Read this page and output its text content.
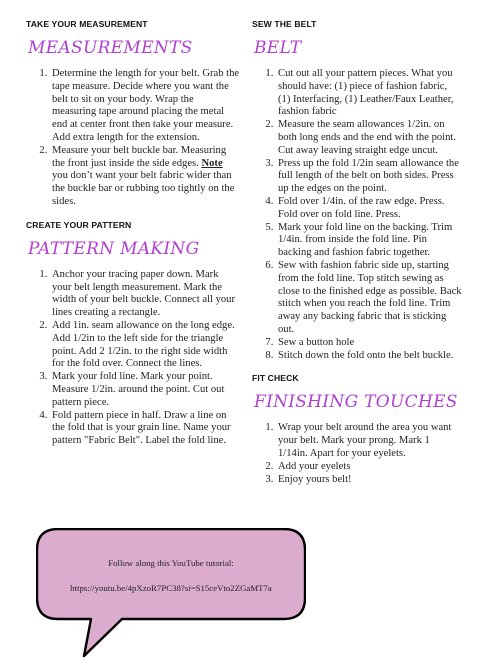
TAKE YOUR MEASUREMENT
MEASUREMENTS
1. Determine the length for your belt. Grab the tape measure. Decide where you want the belt to sit on your body. Wrap the measuring tape around placing the metal end at center front then take your measure. Add extra length for the extension.
2. Measure your belt buckle bar. Measuring the front just inside the side edges. Note you don’t want your belt fabric wider than the buckle bar or rubbing too tightly on the sides.
CREATE YOUR PATTERN
PATTERN MAKING
1. Anchor your tracing paper down. Mark your belt length measurement. Mark the width of your belt buckle. Connect all your lines creating a rectangle.
2. Add 1in. seam allowance on the long edge. Add 1/2in to the left side for the triangle point. Add 2 1/2in. to the right side width for the fold over. Connect the lines.
3. Mark your fold line. Mark your point. Measure 1/2in. around the point. Cut out pattern piece.
4. Fold pattern piece in half. Draw a line on the fold that is your grain line. Name your pattern "Fabric Belt". Label the fold line.
SEW THE BELT
BELT
1. Cut out all your pattern pieces. What you should have: (1) piece of fashion fabric, (1) Interfacing, (1) Leather/Faux Leather, fashion fabric
2. Measure the seam allowances 1/2in. on both long ends and the end with the point. Cut away leaving straight edge uncut.
3. Press up the fold 1/2in seam allowance the full length of the belt on both sides. Press up the edges on the point.
4. Fold over 1/4in. of the raw edge. Press. Fold over on fold line. Press.
5. Mark your fold line on the backing. Trim 1/4in. from inside the fold line. Pin backing and fashion fabric together.
6. Sew with fashion fabric side up, starting from the fold line. Top stitch sewing as close to the finished edge as possible. Back stitch when you reach the fold line. Trim away any backing fabric that is sticking out.
7. Sew a button hole
8. Stitch down the fold onto the belt buckle.
FIT CHECK
FINISHING TOUCHES
1. Wrap your belt around the area you want your belt. Mark your prong. Mark 1 1/14in. Apart for your eyelets.
2. Add your eyelets
3. Enjoy yours belt!
Follow along this YouTube tutorial:
https://youtu.be/4pXzoR7PC38?si=S15ceVto2ZGaMT7a
